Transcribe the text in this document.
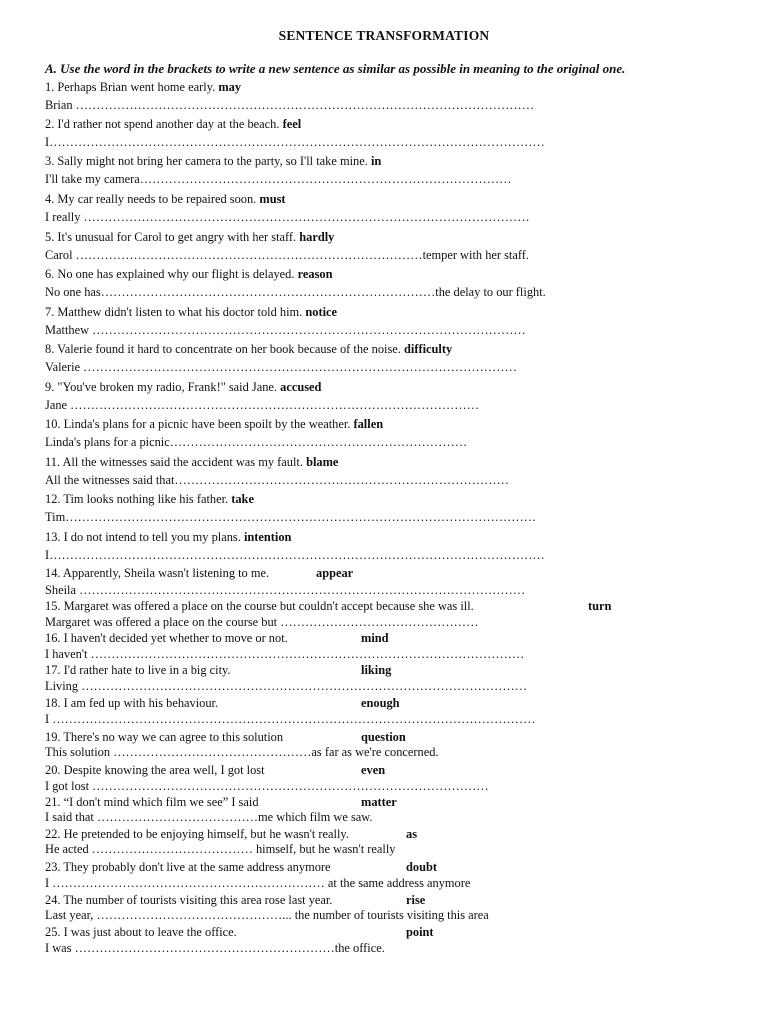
SENTENCE TRANSFORMATION
A. Use the word in the brackets to write a new sentence as similar as possible in meaning to the original one.
1. Perhaps Brian went home early. may
Brian …………………………………………………………………………………………………
2. I'd rather not spend another day at the beach. feel
I…………………………………………………………………………………………………………
3. Sally might not bring her camera to the party, so I'll take mine. in
I'll take my camera………………………………………………………………………………
4. My car really needs to be repaired soon. must
I really ………………………………………………………………………………………………
5. It's unusual for Carol to get angry with her staff. hardly
Carol …………………………………………………………………………temper with her staff.
6. No one has explained why our flight is delayed. reason
No one has………………………………………………………………………the delay to our flight.
7. Matthew didn't listen to what his doctor told him. notice
Matthew ……………………………………………………………………………………………
8. Valerie found it hard to concentrate on her book because of the noise. difficulty
Valerie ……………………………………………………………………………………………
9. "You've broken my radio, Frank!" said Jane. accused
Jane ………………………………………………………………………………………
10. Linda's plans for a picnic have been spoilt by the weather. fallen
Linda's plans for a picnic………………………………………………………………
11. All the witnesses said the accident was my fault. blame
All the witnesses said that………………………………………………………………………
12. Tim looks nothing like his father. take
Tim……………………………………………………………………………………………………
13. I do not intend to tell you my plans. intention
I…………………………………………………………………………………………………………
14. Apparently, Sheila wasn't listening to me.	appear
Sheila ………………………………………………………………………………………………
15. Margaret was offered a place on the course but couldn't accept because she was ill.	turn
Margaret was offered a place on the course but …………………………………………
16. I haven't decided yet whether to move or not.	mind
I haven't ……………………………………………………………………………………………
17. I'd rather hate to live in a big city.	liking
Living ………………………………………………………………………………………………
18. I am fed up with his behaviour.	enough
I ………………………………………………………………………………………………………
19. There's no way we can agree to this solution	question
This solution …………………………………………as far as we're concerned.
20. Despite knowing the area well, I got lost	even
I got lost ……………………………………………………………………………………
21. “I don't mind which film we see” I said	matter
I said that …………………………………me which film we saw.
22. He pretended to be enjoying himself, but he wasn't really.	as
He acted ………………………………… himself, but he wasn't really
23. They probably don't live at the same address anymore	doubt
I ………………………………………………………… at the same address anymore
24. The number of tourists visiting this area rose last year.	rise
Last year, ………………………………………... the number of tourists visiting this area
25. I was just about to leave the office.	point
I was ………………………………………………………the office.
